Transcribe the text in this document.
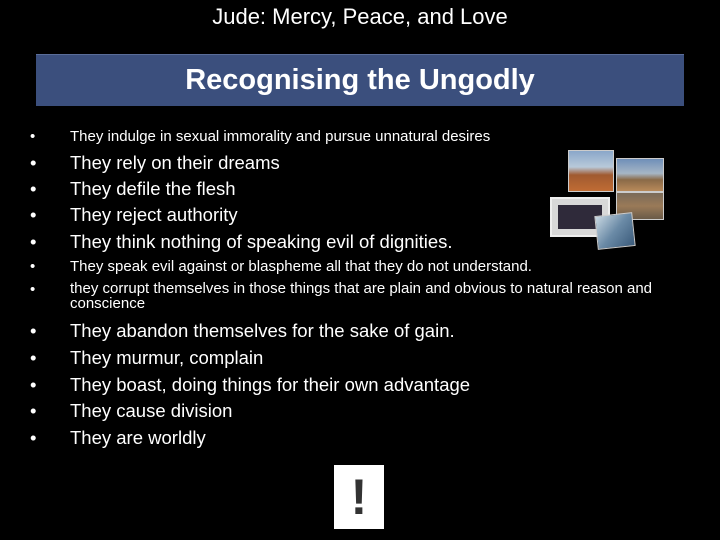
Jude: Mercy, Peace, and Love
Recognising the Ungodly
•	They indulge in sexual immorality and pursue unnatural desires
•	They rely on their dreams
•	They defile the flesh
•	They reject authority
•	They think nothing of speaking evil of dignities.
•	They speak evil against or blaspheme all that they do not understand.
•	they corrupt themselves in those things that are plain and obvious to natural reason and conscience
•	They abandon themselves for the sake of gain.
•	They murmur, complain
•	They boast, doing things for their own advantage
•	They cause division
•	They are worldly
!
